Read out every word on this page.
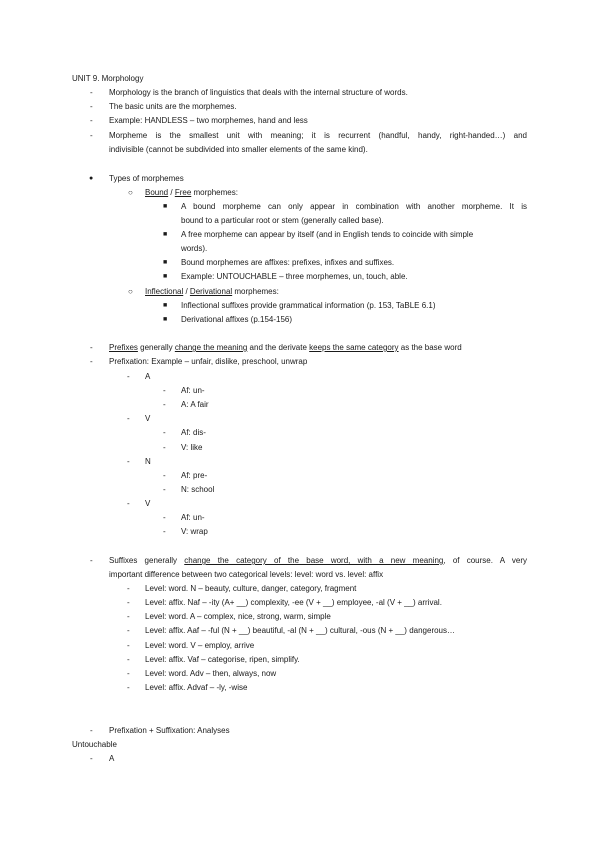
UNIT 9. Morphology
- Morphology is the branch of linguistics that deals with the internal structure of words.
- The basic units are the morphemes.
- Example: HANDLESS – two morphemes, hand and less
- Morpheme is the smallest unit with meaning; it is recurrent (handful, handy, right-handed…) and
indivisible (cannot be subdivided into smaller elements of the same kind).
● Types of morphemes
○ Bound / Free morphemes:
■ A bound morpheme can only appear in combination with another morpheme. It is
bound to a particular root or stem (generally called base).
■ A free morpheme can appear by itself (and in English tends to coincide with simple
words).
■ Bound morphemes are affixes: prefixes, infixes and suffixes.
■ Example: UNTOUCHABLE – three morphemes, un, touch, able.
○ Inflectional / Derivational morphemes:
■ Inflectional suffixes provide grammatical information (p. 153, TaBLE 6.1)
■ Derivational affixes (p.154-156)
- Prefixes generally change the meaning and the derivate keeps the same category as the base word
- Prefixation: Example – unfair, dislike, preschool, unwrap
- A
- Af: un-
- A: A fair
- V
- Af: dis-
- V: like
- N
- Af: pre-
- N: school
- V
- Af: un-
- V: wrap
- Suffixes generally change the category of the base word, with a new meaning, of course. A very
important difference between two categorical levels: level: word vs. level: affix
- Level: word. N – beauty, culture, danger, category, fragment
- Level: affix. Naf – -ity (A+ __) complexity, -ee (V + __) employee, -al (V + __) arrival.
- Level: word. A – complex, nice, strong, warm, simple
- Level: affix. Aaf – -ful (N + __) beautiful, -al (N + __) cultural, -ous (N + __) dangerous…
- Level: word. V – employ, arrive
- Level: affix. Vaf – categorise, ripen, simplify.
- Level: word. Adv – then, always, now
- Level: affix. Advaf – -ly, -wise
- Prefixation + Suffixation: Analyses
Untouchable
- A
